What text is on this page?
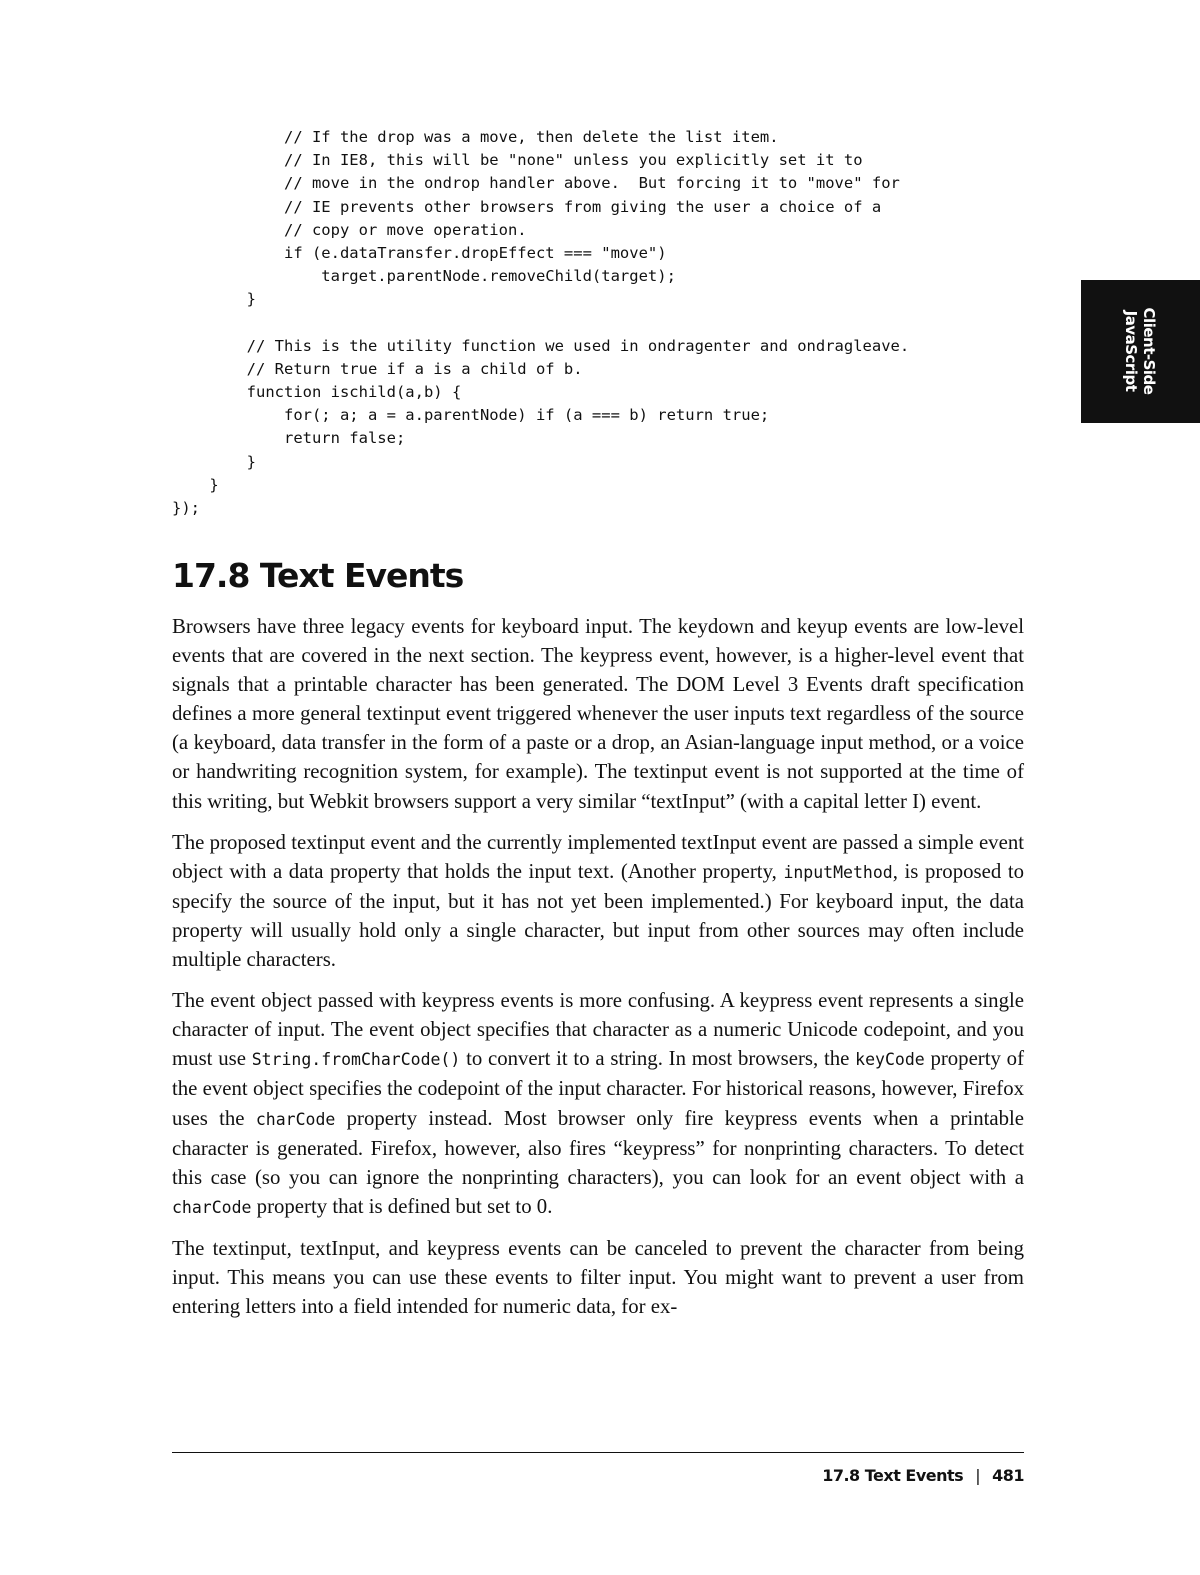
// If the drop was a move, then delete the list item.
// In IE8, this will be "none" unless you explicitly set it to
// move in the ondrop handler above.  But forcing it to "move" for
// IE prevents other browsers from giving the user a choice of a
// copy or move operation.
if (e.dataTransfer.dropEffect === "move")
target.parentNode.removeChild(target);
}
// This is the utility function we used in ondragenter and ondragleave.
// Return true if a is a child of b.
function ischild(a,b) {
for(; a; a = a.parentNode) if (a === b) return true;
return false;
}
}
});
17.8 Text Events

Browsers have three legacy events for keyboard input. The keydown and keyup events are low-level events that are covered in the next section. The keypress event, however, is a higher-level event that signals that a printable character has been generated. The DOM Level 3 Events draft specification defines a more general textinput event triggered whenever the user inputs text regardless of the source (a keyboard, data transfer in the form of a paste or a drop, an Asian-language input method, or a voice or handwriting recognition system, for example). The textinput event is not supported at the time of this writing, but Webkit browsers support a very similar “textInput” (with a capital letter I) event.

The proposed textinput event and the currently implemented textInput event are passed a simple event object with a data property that holds the input text. (Another property, inputMethod, is proposed to specify the source of the input, but it has not yet been implemented.) For keyboard input, the data property will usually hold only a single character, but input from other sources may often include multiple characters.

The event object passed with keypress events is more confusing. A keypress event represents a single character of input. The event object specifies that character as a numeric Unicode codepoint, and you must use String.fromCharCode() to convert it to a string. In most browsers, the keyCode property of the event object specifies the codepoint of the input character. For historical reasons, however, Firefox uses the charCode property instead. Most browser only fire keypress events when a printable character is generated. Firefox, however, also fires “keypress” for nonprinting characters. To detect this case (so you can ignore the nonprinting characters), you can look for an event object with a charCode property that is defined but set to 0.

The textinput, textInput, and keypress events can be canceled to prevent the character from being input. This means you can use these events to filter input. You might want to prevent a user from entering letters into a field intended for numeric data, for ex-

Client-Side
JavaScript
17.8 Text Events | 481
